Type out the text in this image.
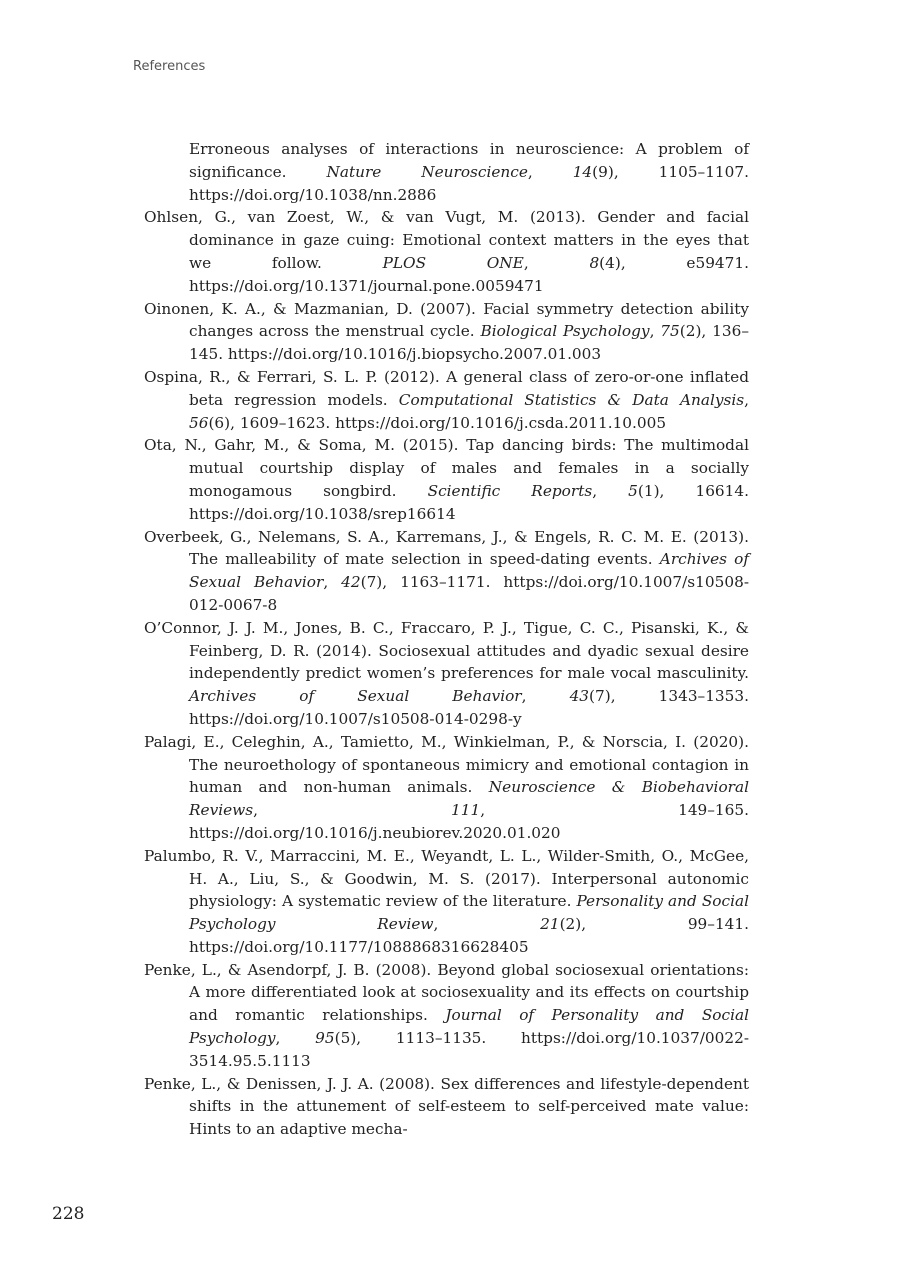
References
Erroneous analyses of interactions in neuroscience: A problem of significance. Nature Neuroscience, 14(9), 1105–1107. https://doi.org/10.1038/nn.2886
Ohlsen, G., van Zoest, W., & van Vugt, M. (2013). Gender and facial dominance in gaze cuing: Emotional context matters in the eyes that we follow. PLOS ONE, 8(4), e59471. https://doi.org/10.1371/journal.pone.0059471
Oinonen, K. A., & Mazmanian, D. (2007). Facial symmetry detection ability changes across the menstrual cycle. Biological Psychology, 75(2), 136–145. https://doi.org/10.1016/j.biopsycho.2007.01.003
Ospina, R., & Ferrari, S. L. P. (2012). A general class of zero-or-one inflated beta regression models. Computational Statistics & Data Analysis, 56(6), 1609–1623. https://doi.org/10.1016/j.csda.2011.10.005
Ota, N., Gahr, M., & Soma, M. (2015). Tap dancing birds: The multimodal mutual courtship display of males and females in a socially monogamous songbird. Scientific Reports, 5(1), 16614. https://doi.org/10.1038/srep16614
Overbeek, G., Nelemans, S. A., Karremans, J., & Engels, R. C. M. E. (2013). The malleability of mate selection in speed-dating events. Archives of Sexual Behavior, 42(7), 1163–1171. https://doi.org/10.1007/s10508-012-0067-8
O’Connor, J. J. M., Jones, B. C., Fraccaro, P. J., Tigue, C. C., Pisanski, K., & Feinberg, D. R. (2014). Sociosexual attitudes and dyadic sexual desire independently predict women’s preferences for male vocal masculinity. Archives of Sexual Behavior, 43(7), 1343–1353. https://doi.org/10.1007/s10508-014-0298-y
Palagi, E., Celeghin, A., Tamietto, M., Winkielman, P., & Norscia, I. (2020). The neuroethology of spontaneous mimicry and emotional contagion in human and non-human animals. Neuroscience & Biobehavioral Reviews, 111, 149–165. https://doi.org/10.1016/j.neubiorev.2020.01.020
Palumbo, R. V., Marraccini, M. E., Weyandt, L. L., Wilder-Smith, O., McGee, H. A., Liu, S., & Goodwin, M. S. (2017). Interpersonal autonomic physiology: A systematic review of the literature. Personality and Social Psychology Review, 21(2), 99–141. https://doi.org/10.1177/1088868316628405
Penke, L., & Asendorpf, J. B. (2008). Beyond global sociosexual orientations: A more differentiated look at sociosexuality and its effects on courtship and romantic relationships. Journal of Personality and Social Psychology, 95(5), 1113–1135. https://doi.org/10.1037/0022-3514.95.5.1113
Penke, L., & Denissen, J. J. A. (2008). Sex differences and lifestyle-dependent shifts in the attunement of self-esteem to self-perceived mate value: Hints to an adaptive mecha-
228
